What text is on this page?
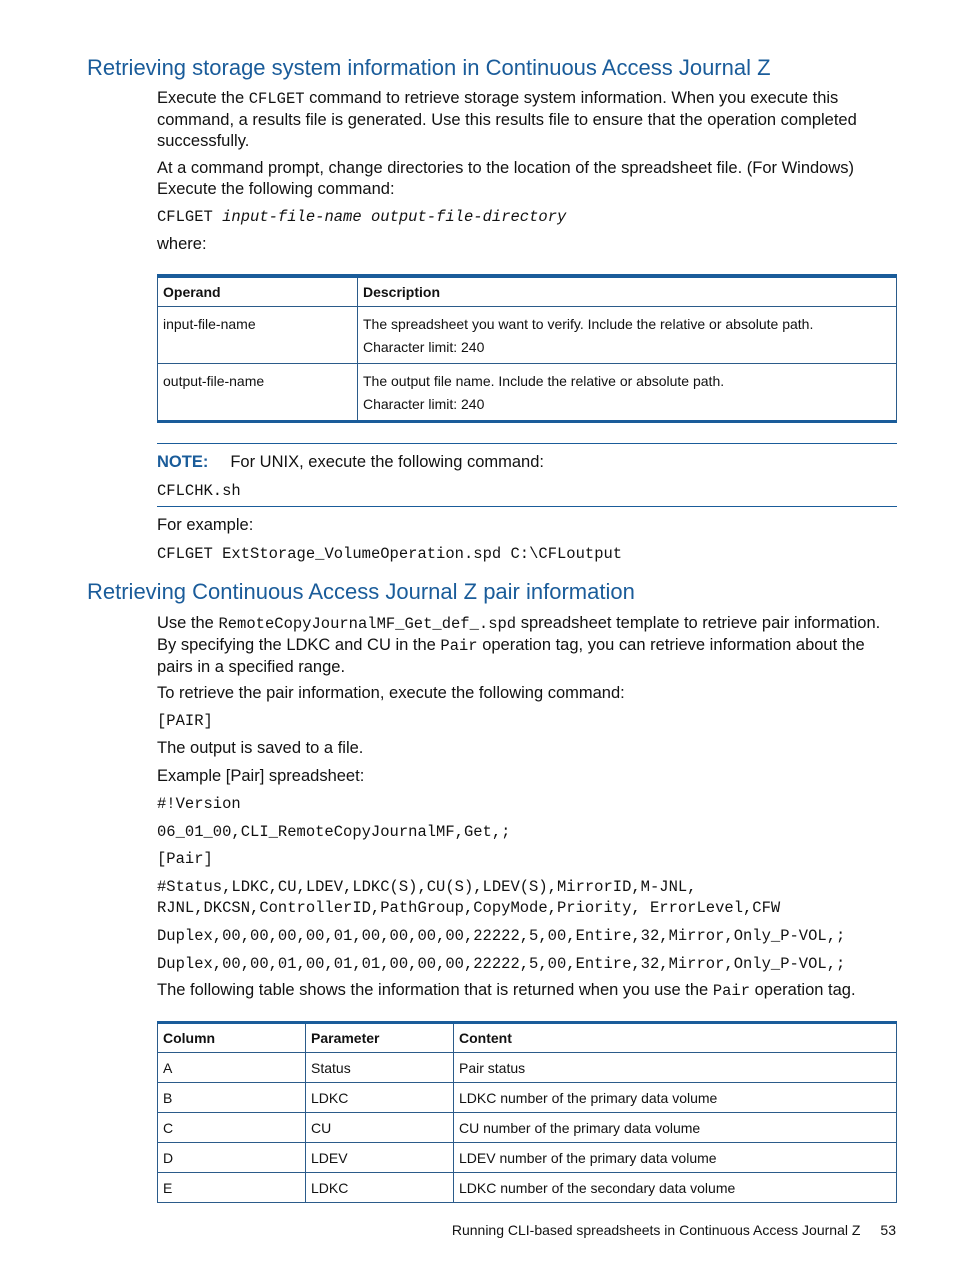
Retrieving storage system information in Continuous Access Journal Z

Execute the CFLGET command to retrieve storage system information. When you execute this command, a results file is generated. Use this results file to ensure that the operation completed successfully.

At a command prompt, change directories to the location of the spreadsheet file. (For Windows) Execute the following command:

CFLGET input-file-name output-file-directory

where:

Operand	Description
input-file-name	The spreadsheet you want to verify. Include the relative or absolute path.
Character limit: 240

output-file-name	The output file name. Include the relative or absolute path.
Character limit: 240
NOTE: For UNIX, execute the following command:
CFLCHK.sh

For example:

CFLGET ExtStorage_VolumeOperation.spd C:\CFLoutput
Retrieving Continuous Access Journal Z pair information

Use the RemoteCopyJournalMF_Get_def_.spd spreadsheet template to retrieve pair information. By specifying the LDKC and CU in the Pair operation tag, you can retrieve information about the pairs in a specified range.

To retrieve the pair information, execute the following command:

[PAIR]

The output is saved to a file.

Example [Pair] spreadsheet:

#!Version
06_01_00,CLI_RemoteCopyJournalMF,Get,;
[Pair]
#Status,LDKC,CU,LDEV,LDKC(S),CU(S),LDEV(S),MirrorID,M-JNL,
RJNL,DKCSN,ControllerID,PathGroup,CopyMode,Priority, ErrorLevel,CFW
Duplex,00,00,00,00,01,00,00,00,00,22222,5,00,Entire,32,Mirror,Only_P-VOL,;
Duplex,00,00,01,00,01,01,00,00,00,22222,5,00,Entire,32,Mirror,Only_P-VOL,;

The following table shows the information that is returned when you use the Pair operation tag.

Column	Parameter	Content
A	Status	Pair status
B	LDKC	LDKC number of the primary data volume
C	CU	CU number of the primary data volume
D	LDEV	LDEV number of the primary data volume
E	LDKC	LDKC number of the secondary data volume
Running CLI-based spreadsheets in Continuous Access Journal Z 53
